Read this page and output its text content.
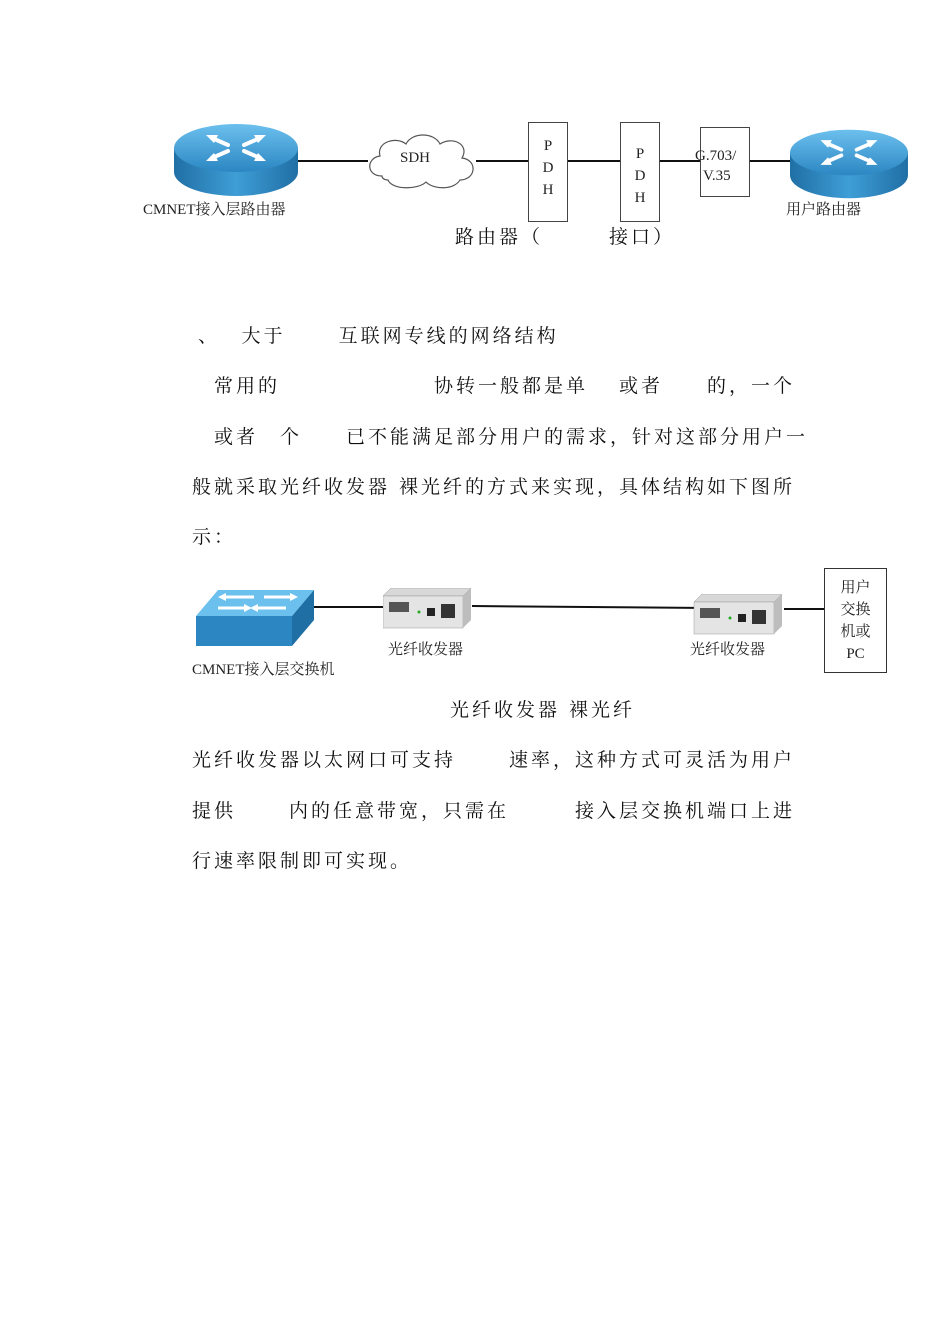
CMNET接入层路由器
SDH
P
D
H
P
D
H
G.703/
V.35
用户路由器
路由器（　　　接口）
、　 大于　　 互联网专线的网络结构
　常用的　　　　　　　协转一般都是单　 或者　　的，一个
　或者　个　　已不能满足部分用户的需求，针对这部分用户一
般就采取光纤收发器 裸光纤的方式来实现，具体结构如下图所
示：
CMNET接入层交换机
光纤收发器	光纤收发器
用户
交换
机或
PC
光纤收发器 裸光纤
光纤收发器以太网口可支持　　 速率，这种方式可灵活为用户
提供　　 内的任意带宽，只需在　　　接入层交换机端口上进
行速率限制即可实现。
